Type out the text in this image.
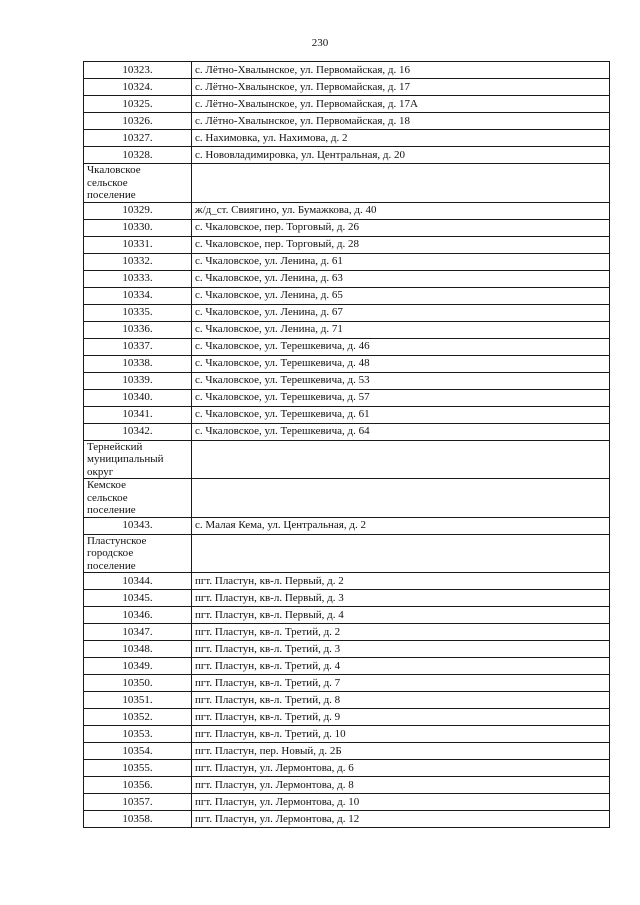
230
10323.	с. Лётно-Хвалынское, ул. Первомайская, д. 16
10324.	с. Лётно-Хвалынское, ул. Первомайская, д. 17
10325.	с. Лётно-Хвалынское, ул. Первомайская, д. 17А
10326.	с. Лётно-Хвалынское, ул. Первомайская, д. 18
10327.	с. Нахимовка, ул. Нахимова, д. 2
10328.	с. Нововладимировка, ул. Центральная, д. 20

Чкаловское
сельское
поселение	

10329.	ж/д_ст. Свиягино, ул. Бумажкова, д. 40
10330.	с. Чкаловское, пер. Торговый, д. 26
10331.	с. Чкаловское, пер. Торговый, д. 28
10332.	с. Чкаловское, ул. Ленина, д. 61
10333.	с. Чкаловское, ул. Ленина, д. 63
10334.	с. Чкаловское, ул. Ленина, д. 65
10335.	с. Чкаловское, ул. Ленина, д. 67
10336.	с. Чкаловское, ул. Ленина, д. 71
10337.	с. Чкаловское, ул. Терешкевича, д. 46
10338.	с. Чкаловское, ул. Терешкевича, д. 48
10339.	с. Чкаловское, ул. Терешкевича, д. 53
10340.	с. Чкаловское, ул. Терешкевича, д. 57
10341.	с. Чкаловское, ул. Терешкевича, д. 61
10342.	с. Чкаловское, ул. Терешкевича, д. 64

Тернейский
муниципальный
округ	

Кемское
сельское
поселение	

10343.	с. Малая Кема, ул. Центральная, д. 2

Пластунское
городское
поселение	

10344.	пгт. Пластун, кв-л. Первый, д. 2
10345.	пгт. Пластун, кв-л. Первый, д. 3
10346.	пгт. Пластун, кв-л. Первый, д. 4
10347.	пгт. Пластун, кв-л. Третий, д. 2
10348.	пгт. Пластун, кв-л. Третий, д. 3
10349.	пгт. Пластун, кв-л. Третий, д. 4
10350.	пгт. Пластун, кв-л. Третий, д. 7
10351.	пгт. Пластун, кв-л. Третий, д. 8
10352.	пгт. Пластун, кв-л. Третий, д. 9
10353.	пгт. Пластун, кв-л. Третий, д. 10
10354.	пгт. Пластун, пер. Новый, д. 2Б
10355.	пгт. Пластун, ул. Лермонтова, д. 6
10356.	пгт. Пластун, ул. Лермонтова, д. 8
10357.	пгт. Пластун, ул. Лермонтова, д. 10
10358.	пгт. Пластун, ул. Лермонтова, д. 12
